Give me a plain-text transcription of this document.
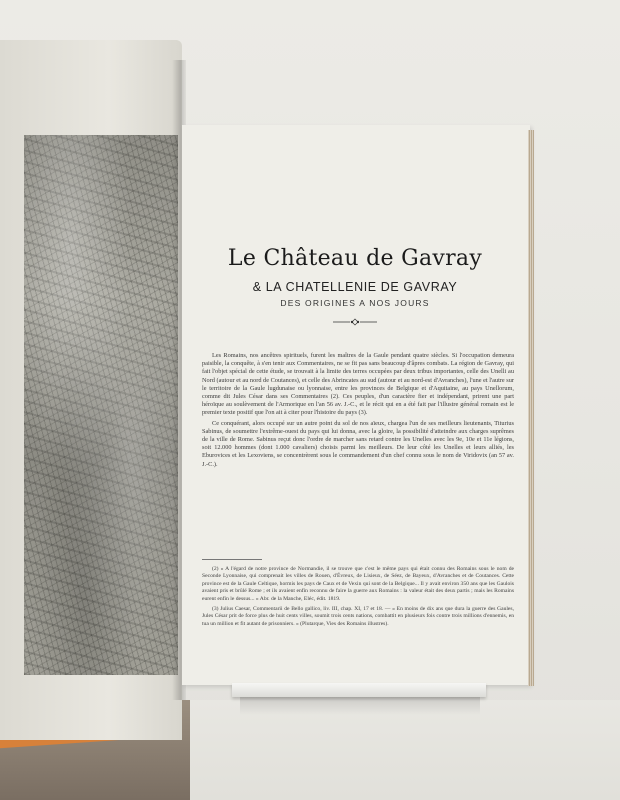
Le Château de Gavray
& LA CHATELLENIE DE GAVRAY
DES ORIGINES A NOS JOURS

Les Romains, nos ancêtres spirituels, furent les maîtres de la Gaule pendant quatre siècles. Si l'occupation demeura paisible, la conquête, à s'en tenir aux Commentaires, ne se fit pas sans beaucoup d'âpres combats. La région de Gavray, qui fait l'objet spécial de cette étude, se trouvait à la limite des terres occupées par deux tribus importantes, celle des Unelli au Nord (autour et au nord de Coutances), et celle des Abrincates au sud (autour et au nord-est d'Avranches), l'une et l'autre sur le territoire de la Gaule lugdunaise ou lyonnaise, entre les provinces de Belgique et d'Aquitaine, au pays Unellorum, comme dit Jules César dans ses Commentaires (2). Ces peuples, d'un caractère fier et indépendant, prirent une part héroïque au soulèvement de l'Armorique en l'an 56 av. J.-C., et le récit qui en a été fait par l'illustre général romain est le premier texte positif que l'on ait à citer pour l'histoire du pays (3).

Ce conquérant, alors occupé sur un autre point du sol de nos aïeux, chargea l'un de ses meilleurs lieutenants, Titurius Sabinus, de soumettre l'extrême-ouest du pays qui lui donna, avec la gloire, la possibilité d'atteindre aux charges suprêmes de la ville de Rome. Sabinus reçut donc l'ordre de marcher sans retard contre les Unelles avec les 9e, 10e et 11e légions, soit 12.000 hommes (dont 1.000 cavaliers) choisis parmi les meilleurs. De leur côté les Unelles et leurs alliés, les Eburovices et les Lexoviens, se concentrèrent sous le commandement d'un chef connu sous le nom de Viridovix (an 57 av. J.-C.).

(2) « A l'égard de notre province de Normandie, il se trouve que c'est le même pays qui était connu des Romains sous le nom de Seconde Lyonnaise, qui comprenait les villes de Rouen, d'Évreux, de Lisieux, de Séez, de Bayeux, d'Avranches et de Coutances. Cette province est de la Gaule Celtique, hormis les pays de Caux et de Vexin qui sont de la Belgique... Il y avait environ 350 ans que les Gaulois avaient pris et brûlé Rome ; et ils avaient enfin reconnu de faire la guerre aux Romains : la valeur était des deux partis ; mais les Romains eurent enfin le dessus... » Abr. de la Manche, Eléc, édit. 1819.

(3) Julius Caesar, Commentarii de Bello gallico, liv. III, chap. XI, 17 et 18. — « En moins de dix ans que dura la guerre des Gaules, Jules César prit de force plus de huit cents villes, soumit trois cents nations, combattit en plusieurs fois contre trois millions d'ennemis, en tua un million et fit autant de prisonniers. » (Plutarque, Vies des Romains illustres).
